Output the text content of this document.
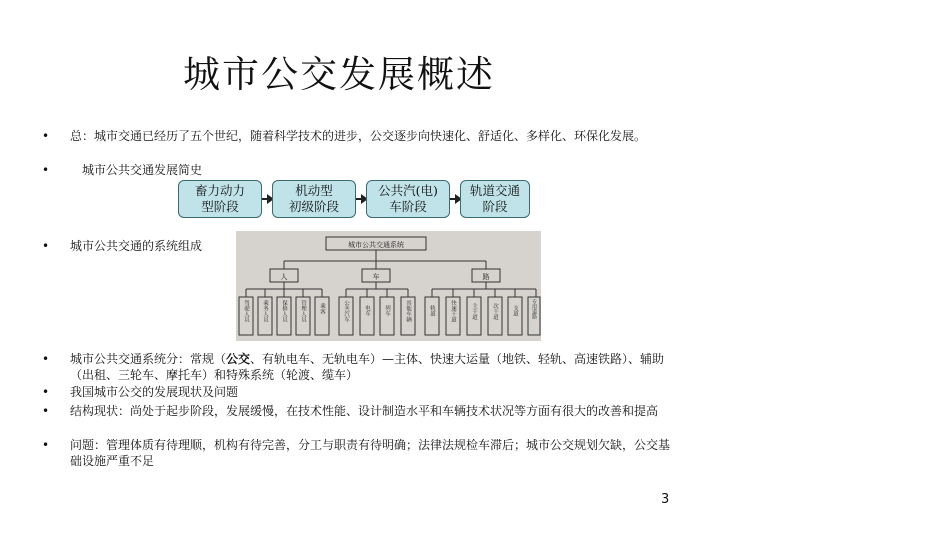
城市公交发展概述
• 总：城市交通已经历了五个世纪，随着科学技术的进步，公交逐步向快速化、舒适化、多样化、环保化发展。
•	城市公共交通发展简史
畜力动力
型阶段
机动型
初级阶段
公共汽(电)
车阶段
轨道交通
阶段
• 城市公共交通的系统组成	城市公共交通系统
人	车	路
驾驶人员 乘务人员 保修人员 管理人员 乘客	公共汽车	电车	列车	其他车辆	轨道	快速干道	主干道	次干道	支道	专用道路
• 城市公共交通系统分：常规（公交、有轨电车、无轨电车）—主体、快速大运量（地铁、轻轨、高速铁路）、辅助（出租、三轮车、摩托车）和特殊系统（轮渡、缆车）
• 我国城市公交的发展现状及问题
• 结构现状：尚处于起步阶段，发展缓慢，在技术性能、设计制造水平和车辆技术状况等方面有很大的改善和提高
• 问题：管理体质有待理顺，机构有待完善，分工与职责有待明确；法律法规检车滞后；城市公交规划欠缺，公交基础设施严重不足
3
